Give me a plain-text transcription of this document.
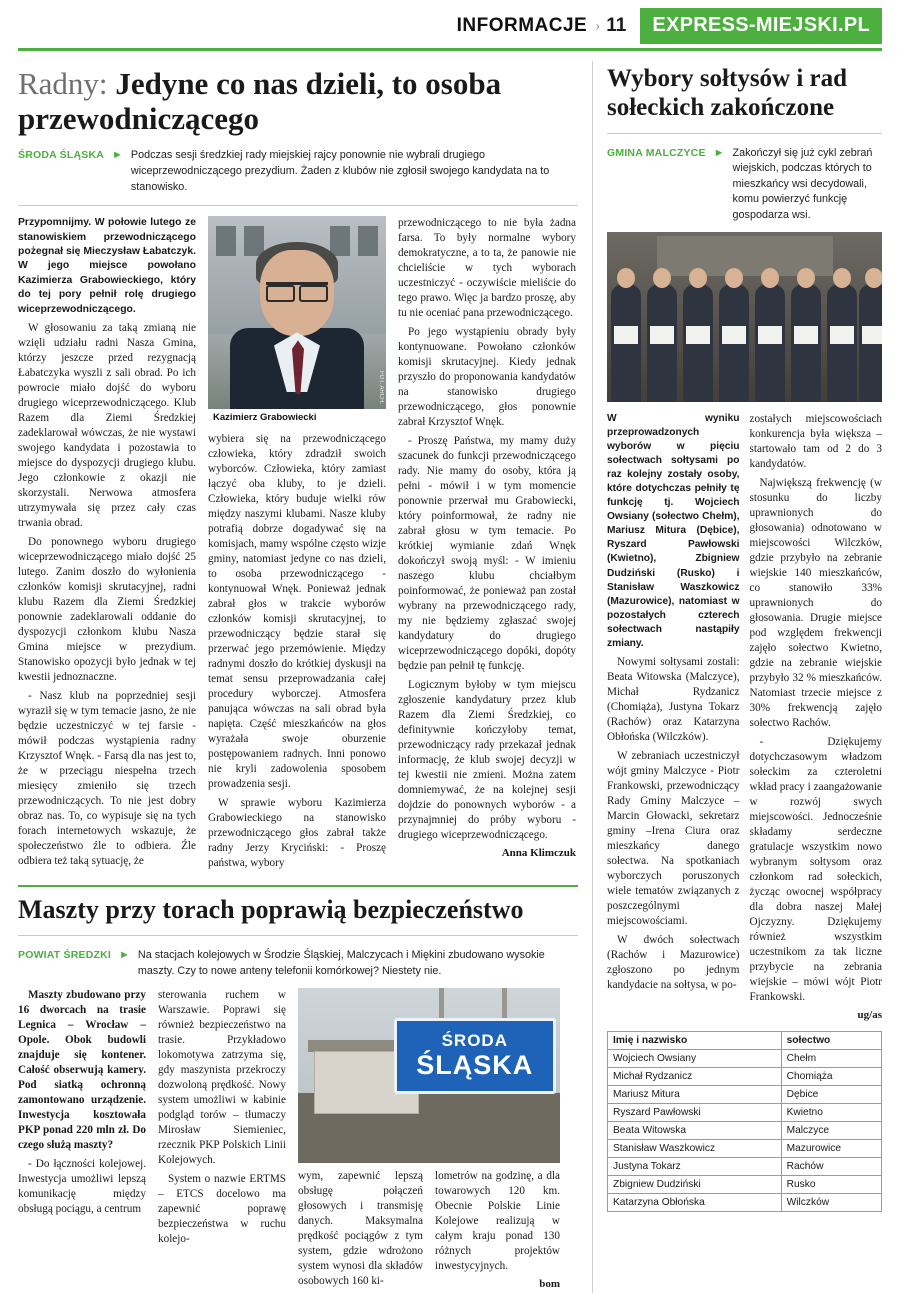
INFORMACJE › 11	EXPRESS-MIEJSKI.PL
Radny: Jedyne co nas dzieli, to osoba przewodniczącego
ŚRODA ŚLĄSKA ► Podczas sesji średzkiej rady miejskiej rajcy ponownie nie wybrali drugiego wiceprzewodniczącego prezydium. Żaden z klubów nie zgłosił swojego kandydata na to stanowisko.

Przypomnijmy. W połowie lutego ze stanowiskiem przewodniczącego pożegnał się Mieczysław Łabatczyk. W jego miejsce powołano Kazimierza Grabowieckiego, który do tej pory pełnił rolę drugiego wiceprzewodniczącego.

W głosowaniu za taką zmianą nie wzięli udziału radni Nasza Gmina, którzy jeszcze przed rezygnacją Łabatczyka wyszli z sali obrad. Po ich powrocie miało dojść do wyboru drugiego wiceprzewodniczącego. Klub Razem dla Ziemi Średzkiej zadeklarował wówczas, że nie wystawi swojego kandydata i pozostawia to miejsce do dyspozycji drugiego klubu. Jego członkowie z okazji nie skorzystali. Nerwowa atmosfera utrzymywała się przez cały czas trwania obrad.

Do ponownego wyboru drugiego wiceprzewodniczącego miało dojść 25 lutego. Zanim doszło do wyłonienia członków komisji skrutacyjnej, radni klubu Razem dla Ziemi Średzkiej ponownie zadeklarowali oddanie do dyspozycji członkom klubu Nasza Gmina miejsce w prezydium. Stanowisko opozycji było jednak w tej kwestii jednoznaczne.

- Nasz klub na poprzedniej sesji wyraził się w tym temacie jasno, że nie będzie uczestniczyć w tej farsie - mówił podczas wystąpienia radny Krzysztof Wnęk. - Farsą dla nas jest to, że w przeciągu niespełna trzech miesięcy zmieniło się trzech przewodniczących. To nie jest dobry obraz nas. To, co wypisuje się na tych forach internetowych wskazuje, że społeczeństwo źle to odbiera. Źle odbiera też taką sytuację, że

FOT. ARCH.
Kazimierz Grabowiecki

wybiera się na przewodniczącego człowieka, który zdradził swoich wyborców. Człowieka, który zamiast łączyć oba kluby, to je dzieli. Człowieka, który buduje wielki rów między naszymi klubami. Nasze kluby potrafią dobrze dogadywać się na komisjach, mamy wspólne często wizje gminy, natomiast jedyne co nas dzieli, to osoba przewodniczącego - kontynuował Wnęk. Ponieważ jednak zabrał głos w trakcie wyborów członków komisji skrutacyjnej, to przewodniczący będzie starał się przerwać jego przemówienie. Między radnymi doszło do krótkiej dyskusji na temat sensu przeprowadzania całej procedury wyborczej. Atmosfera panująca wówczas na sali obrad była napięta. Część mieszkańców na głos wyrażała swoje oburzenie postępowaniem radnych. Inni ponowo nie kryli zadowolenia sposobem prowadzenia sesji.

W sprawie wyboru Kazimierza Grabowieckiego na stanowisko przewodniczącego głos zabrał także radny Jerzy Kryciński: - Proszę państwa, wybory

przewodniczącego to nie była żadna farsa. To były normalne wybory demokratyczne, a to ta, że panowie nie chcieliście w tych wyborach uczestniczyć - oczywiście mieliście do tego prawo. Więc ja bardzo proszę, aby tu nie oceniać pana przewodniczącego.

Po jego wystąpieniu obrady były kontynuowane. Powołano członków komisji skrutacyjnej. Kiedy jednak przyszło do proponowania kandydatów na stanowisko drugiego przewodniczącego, głos ponownie zabrał Krzysztof Wnęk.

- Proszę Państwa, my mamy duży szacunek do funkcji przewodniczącego rady. Nie mamy do osoby, która ją pełni - mówił i w tym momencie ponownie przerwał mu Grabowiecki, który poinformował, że radny nie zabrał głosu w tym temacie. Po krótkiej wymianie zdań Wnęk dokończył swoją myśl: - W imieniu naszego klubu chciałbym poinformować, że ponieważ pan został wybrany na przewodniczącego rady, my nie będziemy zgłaszać swojej kandydatury do drugiego wiceprzewodniczącego dopóki, dopóty będzie pan pełnił tę funkcję.

Logicznym byłoby w tym miejscu zgłoszenie kandydatury przez klub Razem dla Ziemi Średzkiej, co definitywnie kończyłoby temat, przewodniczący rady przekazał jednak informację, że klub swojej decyzji w tej kwestii nie zmieni. Można zatem domniemywać, że na kolejnej sesji dojdzie do ponownych wyborów - a przynajmniej do próby wyboru - drugiego wiceprzewodniczącego.

Anna Klimczuk
Maszty przy torach poprawią bezpieczeństwo
POWIAT ŚREDZKI ► Na stacjach kolejowych w Środzie Śląskiej, Malczycach i Miękini zbudowano wysokie maszty. Czy to nowe anteny telefonii komórkowej? Niestety nie.

Maszty zbudowano przy 16 dworcach na trasie Legnica – Wrocław – Opole. Obok budowli znajduje się kontener. Całość obserwują kamery. Pod siatką ochronną zamontowano urządzenie. Inwestycja kosztowała PKP ponad 220 mln zł. Do czego służą maszty?

- Do łączności kolejowej. Inwestycja umożliwi lepszą komunikację między obsługą pociągu, a centrum

sterowania ruchem w Warszawie. Poprawi się również bezpieczeństwo na trasie. Przykładowo lokomotywa zatrzyma się, gdy maszynista przekroczy dozwoloną prędkość. Nowy system umożliwi w kabinie podgląd torów – tłumaczy Mirosław Siemieniec, rzecznik PKP Polskich Linii Kolejowych.

System o nazwie ERTMS – ETCS docelowo ma zapewnić poprawę bezpieczeństwa w ruchu kolejo-

ŚRODA
ŚLĄSKA

wym, zapewnić lepszą obsługę połączeń głosowych i transmisję danych. Maksymalna prędkość pociągów z tym system, gdzie wdrożono system wynosi dla składów osobowych 160 ki-

lometrów na godzinę, a dla towarowych 120 km. Obecnie Polskie Linie Kolejowe realizują w całym kraju ponad 130 różnych projektów inwestycyjnych.

bom
Wybory sołtysów i rad sołeckich zakończone
GMINA MALCZYCE ► Zakończył się już cykl zebrań wiejskich, podczas których to mieszkańcy wsi decydowali, komu powierzyć funkcję gospodarza wsi.

W wyniku przeprowadzonych wyborów w pięciu sołectwach sołtysami po raz kolejny zostały osoby, które dotychczas pełniły tę funkcję tj. Wojciech Owsiany (sołectwo Chełm), Mariusz Mitura (Dębice), Ryszard Pawłowski (Kwietno), Zbigniew Dudziński (Rusko) i Stanisław Waszkowicz (Mazurowice), natomiast w pozostałych czterech sołectwach nastąpiły zmiany.

Nowymi sołtysami zostali: Beata Witowska (Malczyce), Michał Rydzanicz (Chomiąża), Justyna Tokarz (Rachów) oraz Katarzyna Obłońska (Wilczków).

W zebraniach uczestniczył wójt gminy Malczyce - Piotr Frankowski, przewodniczący Rady Gminy Malczyce –Marcin Głowacki, sekretarz gminy –Irena Ciura oraz mieszkańcy danego sołectwa. Na spotkaniach wyborczych poruszonych wiele tematów związanych z poszczególnymi miejscowościami.

W dwóch sołectwach (Rachów i Mazurowice) zgłoszono po jednym kandydacie na sołtysa, w po-

zostałych miejscowościach konkurencja była większa – startowało tam od 2 do 3 kandydatów.

Największą frekwencję (w stosunku do liczby uprawnionych do głosowania) odnotowano w miejscowości Wilczków, gdzie przybyło na zebranie wiejskie 140 mieszkańców, co stanowiło 33% uprawnionych do głosowania. Drugie miejsce pod względem frekwencji zajęło sołectwo Kwietno, gdzie na zebranie wiejskie przybyło 32 % mieszkańców. Natomiast trzecie miejsce z 30% frekwencją zajęło sołectwo Rachów.

- Dziękujemy dotychczasowym władzom sołeckim za czteroletni wkład pracy i zaangażowanie w rozwój swych miejscowości. Jednocześnie składamy serdeczne gratulacje wszystkim nowo wybranym sołtysom oraz członkom rad sołeckich, życząc owocnej współpracy dla dobra naszej Małej Ojczyzny. Dziękujemy również wszystkim uczestnikom za tak liczne przybycie na zebrania wiejskie – mówi wójt Piotr Frankowski.

ug/as
Imię i nazwisko	sołectwo
Wojciech Owsiany	Chełm
Michał Rydzanicz	Chomiąża
Mariusz Mitura	Dębice
Ryszard Pawłowski	Kwietno
Beata Witowska	Malczyce
Stanisław Waszkowicz	Mazurowice
Justyna Tokarz	Rachów
Zbigniew Dudziński	Rusko
Katarzyna Obłońska	Wilczków
